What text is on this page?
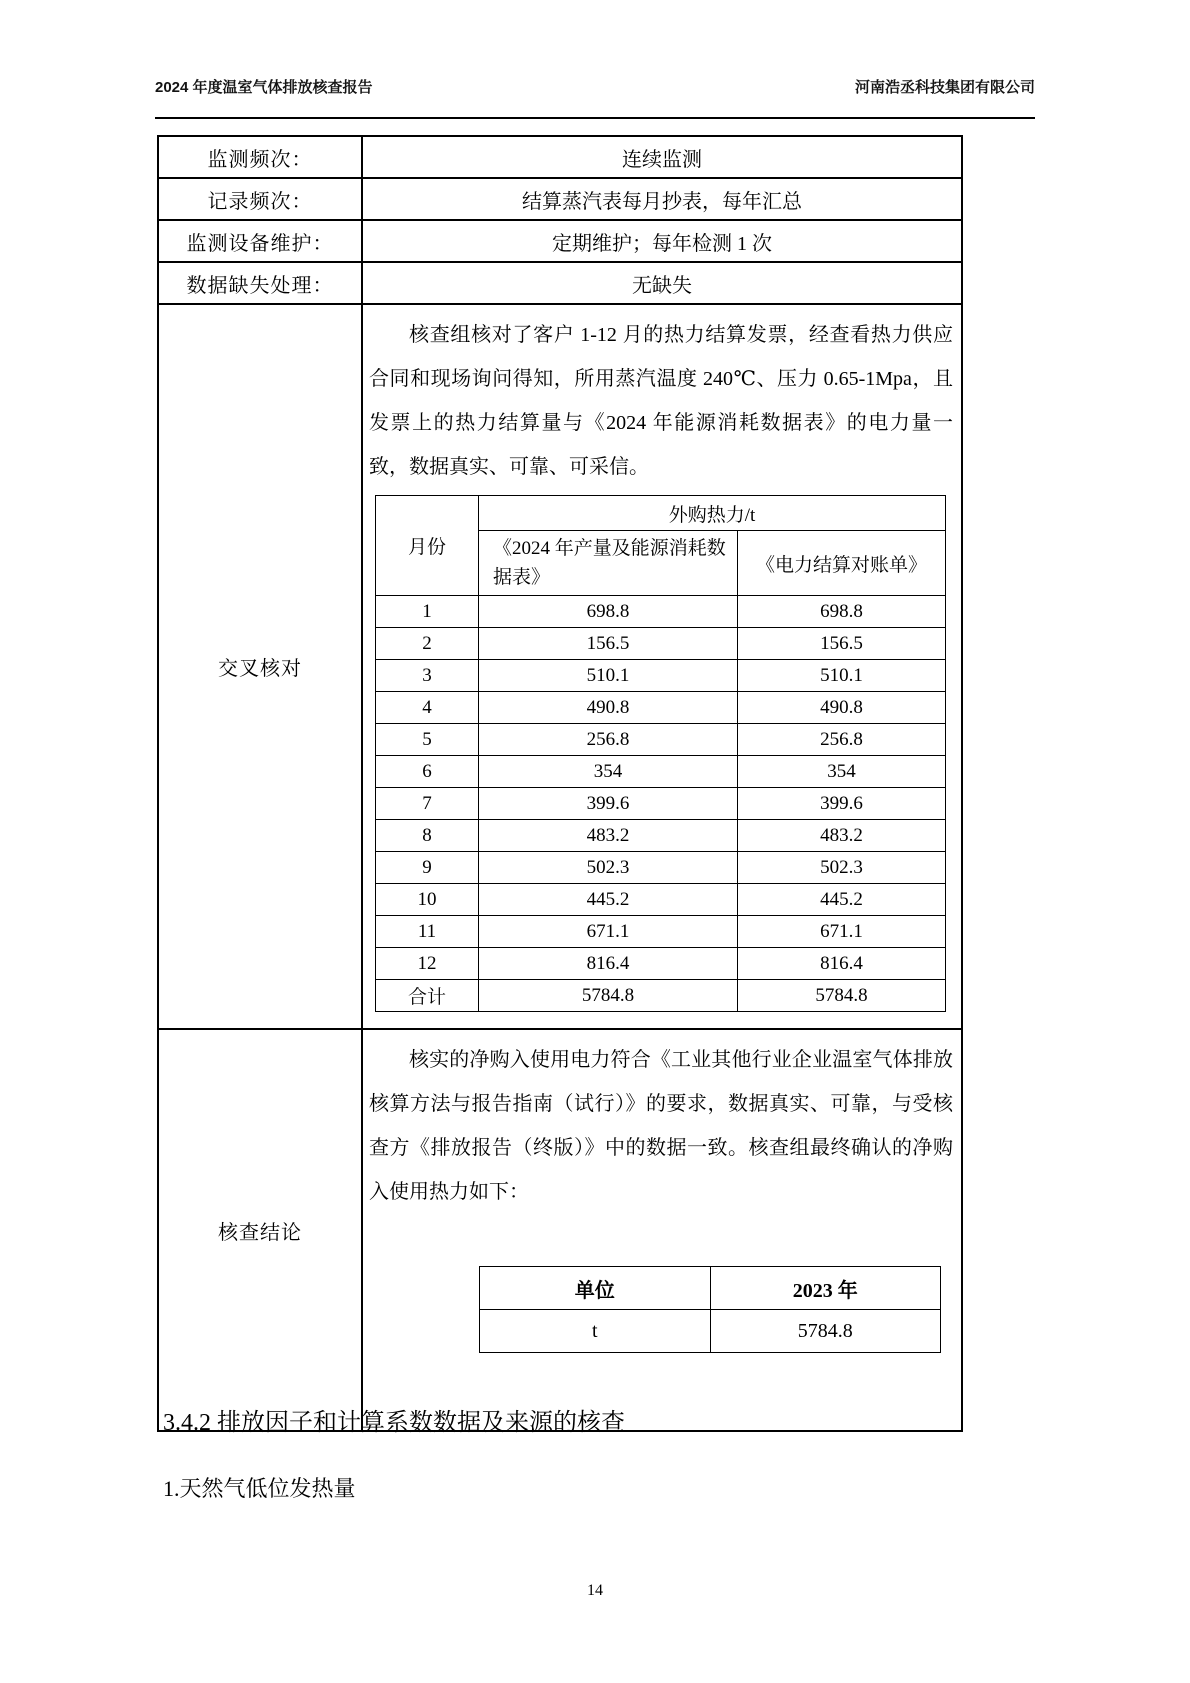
2024 年度温室气体排放核查报告	河南浩丞科技集团有限公司
监测频次：	连续监测
记录频次：	结算蒸汽表每月抄表，每年汇总
监测设备维护：	定期维护；每年检测 1 次
数据缺失处理：	无缺失
交叉核对	

核查组核对了客户 1-12 月的热力结算发票，经查看热力供应合同和现场询问得知，所用蒸汽温度 240℃、压力 0.65-1Mpa，且发票上的热力结算量与《2024 年能源消耗数据表》的电力量一致，数据真实、可靠、可采信。

月份	外购热力/t
《2024 年产量及能源消耗数据表》	《电力结算对账单》
1	698.8	698.8
2	156.5	156.5
3	510.1	510.1
4	490.8	490.8
5	256.8	256.8
6	354	354
7	399.6	399.6
8	483.2	483.2
9	502.3	502.3
10	445.2	445.2
11	671.1	671.1
12	816.4	816.4
合计	5784.8	5784.8

核查结论	

核实的净购入使用电力符合《工业其他行业企业温室气体排放核算方法与报告指南（试行）》的要求，数据真实、可靠，与受核查方《排放报告（终版）》中的数据一致。核查组最终确认的净购入使用热力如下：

单位	2023 年
t	5784.8
3.4.2 排放因子和计算系数数据及来源的核查
1.天然气低位发热量
14
